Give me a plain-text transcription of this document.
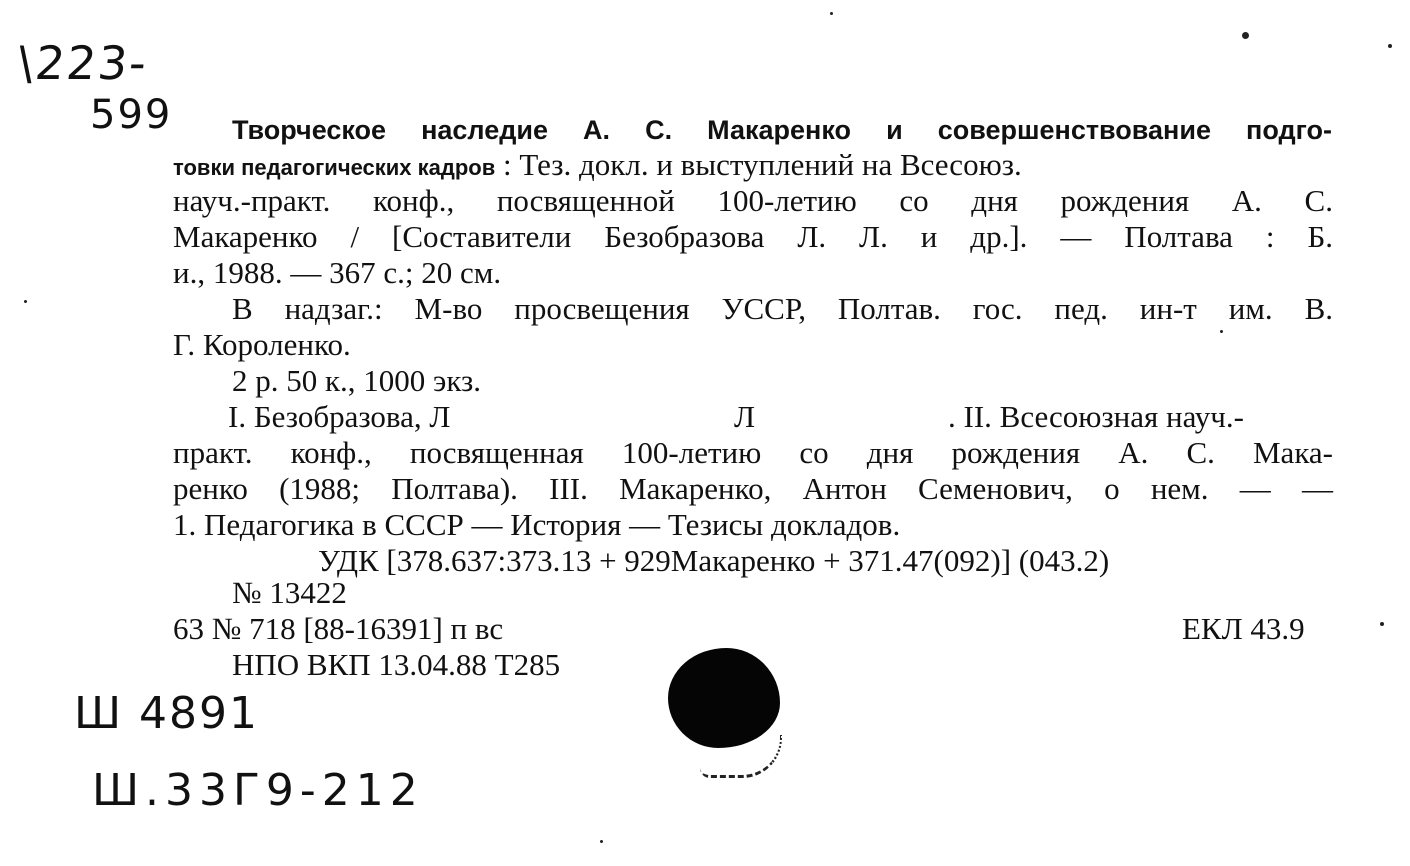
\223-
599 Творческое наследие А. С. Макаренко и совершенствование подго-
товки педагогических кадров : Тез. докл. и выступлений на Всесоюз.
науч.-практ. конф., посвященной 100-летию со дня рождения А. С.
Макаренко / [Составители Безобразова Л. Л. и др.]. — Полтава : Б.
и., 1988. — 367 с.; 20 см.
В надзаг.: М-во просвещения УССР, Полтав. гос. пед. ин-т им. В.
Г. Короленко.
2 р. 50 к., 1000 экз.
I. Безобразова, Л	Л	. II. Всесоюзная науч.-
практ. конф., посвященная 100-летию со дня рождения А. С. Мака-
ренко (1988; Полтава). III. Макаренко, Антон Семенович, о нем. — —
1. Педагогика в СССР — История — Тезисы докладов.
УДК [378.637:373.13 + 929Макаренко + 371.47(092)] (043.2)
№ 13422
63 № 718 [88-16391] п вс	ЕКЛ 43.9
НПО ВКП 13.04.88 Т285
Ш 4891
Ш.33Г9-212
